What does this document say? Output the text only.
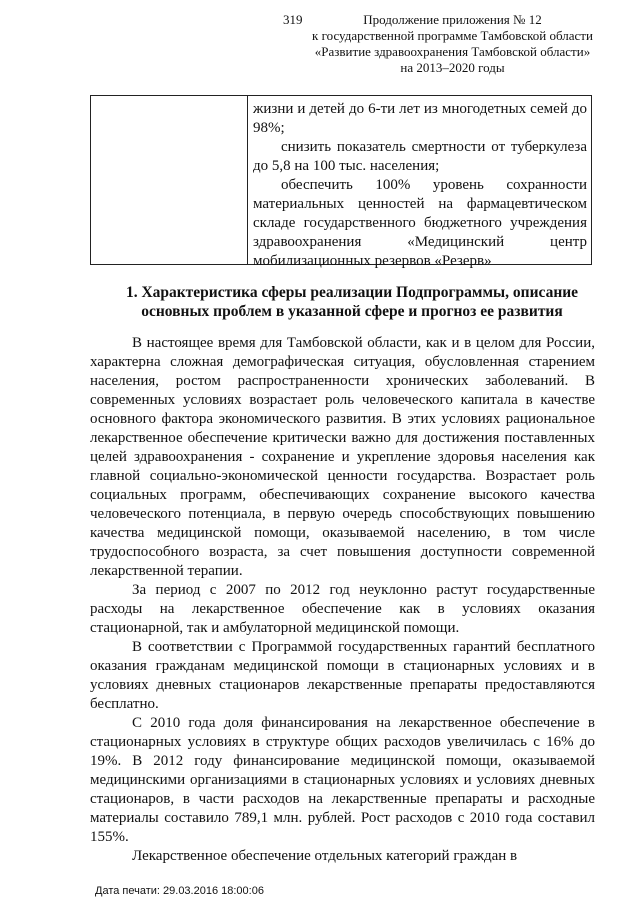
319	Продолжение приложения № 12
к государственной программе Тамбовской области
«Развитие здравоохранения Тамбовской области»
на 2013–2020 годы

жизни и детей до 6-ти лет из многодетных семей до 98%;

снизить показатель смертности от туберкулеза до 5,8 на 100 тыс. населения;

обеспечить 100% уровень сохранности материальных ценностей на фармацевтическом складе государственного бюджетного учреждения здравоохранения «Медицинский центр мобилизационных резервов «Резерв»

1. Характеристика сферы реализации Подпрограммы, описание основных проблем в указанной сфере и прогноз ее развития

В настоящее время для Тамбовской области, как и в целом для России, характерна сложная демографическая ситуация, обусловленная старением населения, ростом распространенности хронических заболеваний. В современных условиях возрастает роль человеческого капитала в качестве основного фактора экономического развития. В этих условиях рациональное лекарственное обеспечение критически важно для достижения поставленных целей здравоохранения - сохранение и укрепление здоровья населения как главной социально-экономической ценности государства. Возрастает роль социальных программ, обеспечивающих сохранение высокого качества человеческого потенциала, в первую очередь способствующих повышению качества медицинской помощи, оказываемой населению, в том числе трудоспособного возраста, за счет повышения доступности современной лекарственной терапии.

За период с 2007 по 2012 год неуклонно растут государственные расходы на лекарственное обеспечение как в условиях оказания стационарной, так и амбулаторной медицинской помощи.

В соответствии с Программой государственных гарантий бесплатного оказания гражданам медицинской помощи в стационарных условиях и в условиях дневных стационаров лекарственные препараты предоставляются бесплатно.

С 2010 года доля финансирования на лекарственное обеспечение в стационарных условиях в структуре общих расходов увеличилась с 16% до 19%. В 2012 году финансирование медицинской помощи, оказываемой медицинскими организациями в стационарных условиях и условиях дневных стационаров, в части расходов на лекарственные препараты и расходные материалы составило 789,1 млн. рублей. Рост расходов с 2010 года составил 155%.

Лекарственное обеспечение отдельных категорий граждан в

Дата печати: 29.03.2016 18:00:06
